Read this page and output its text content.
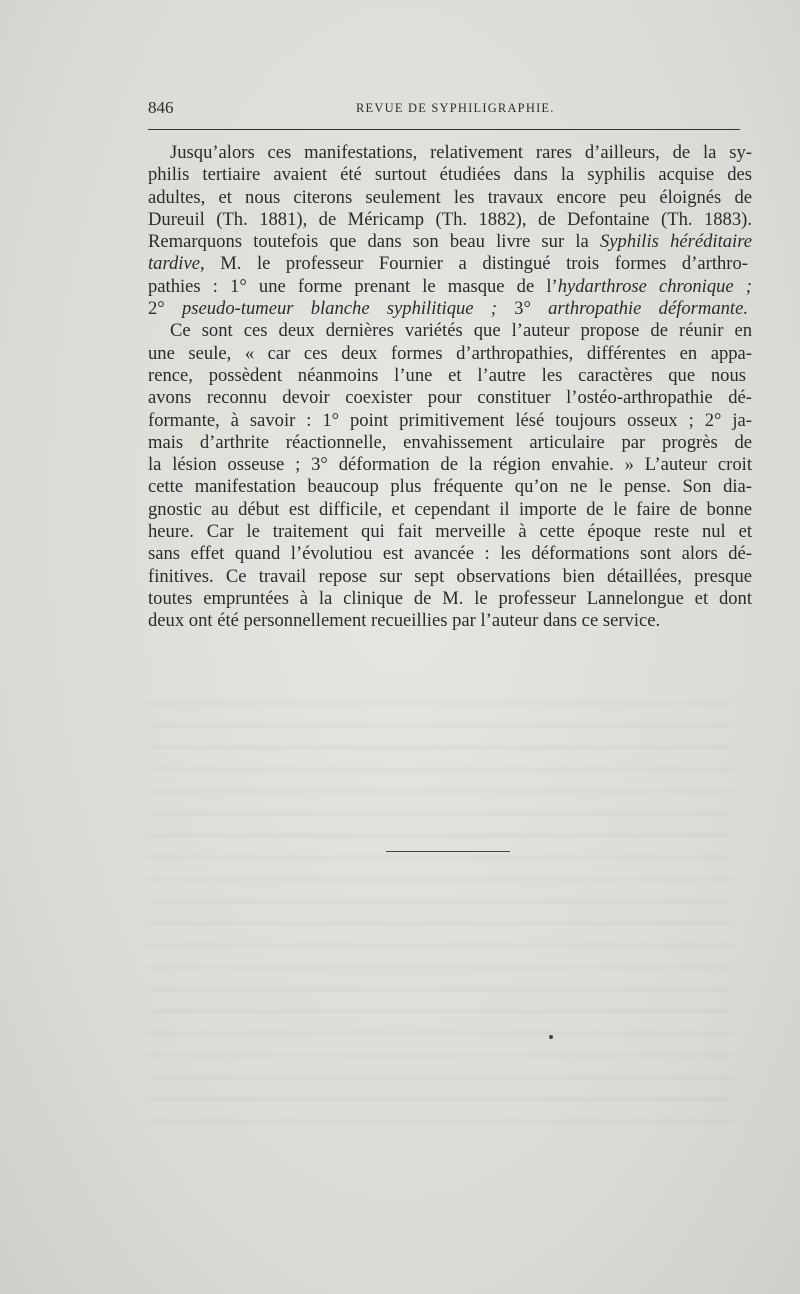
846	REVUE DE SYPHILIGRAPHIE.
Jusqu’alors ces manifestations, relativement rares d’ailleurs, de la sy-
philis tertiaire avaient été surtout étudiées dans la syphilis acquise des
adultes, et nous citerons seulement les travaux encore peu éloignés de
Dureuil (Th. 1881), de Méricamp (Th. 1882), de Defontaine (Th. 1883).
Remarquons toutefois que dans son beau livre sur la Syphilis héréditaire
tardive, M. le professeur Fournier a distingué trois formes d’arthro-
pathies : 1° une forme prenant le masque de l’hydarthrose chronique ;
2° pseudo-tumeur blanche syphilitique ; 3° arthropathie déformante.
Ce sont ces deux dernières variétés que l’auteur propose de réunir en
une seule, « car ces deux formes d’arthropathies, différentes en appa-
rence, possèdent néanmoins l’une et l’autre les caractères que nous
avons reconnu devoir coexister pour constituer l’ostéo-arthropathie dé-
formante, à savoir : 1° point primitivement lésé toujours osseux ; 2° ja-
mais d’arthrite réactionnelle, envahissement articulaire par progrès de
la lésion osseuse ; 3° déformation de la région envahie. » L’auteur croit
cette manifestation beaucoup plus fréquente qu’on ne le pense. Son dia-
gnostic au début est difficile, et cependant il importe de le faire de bonne
heure. Car le traitement qui fait merveille à cette époque reste nul et
sans effet quand l’évolutiou est avancée : les déformations sont alors dé-
finitives. Ce travail repose sur sept observations bien détaillées, presque
toutes empruntées à la clinique de M. le professeur Lannelongue et dont
deux ont été personnellement recueillies par l’auteur dans ce service.
